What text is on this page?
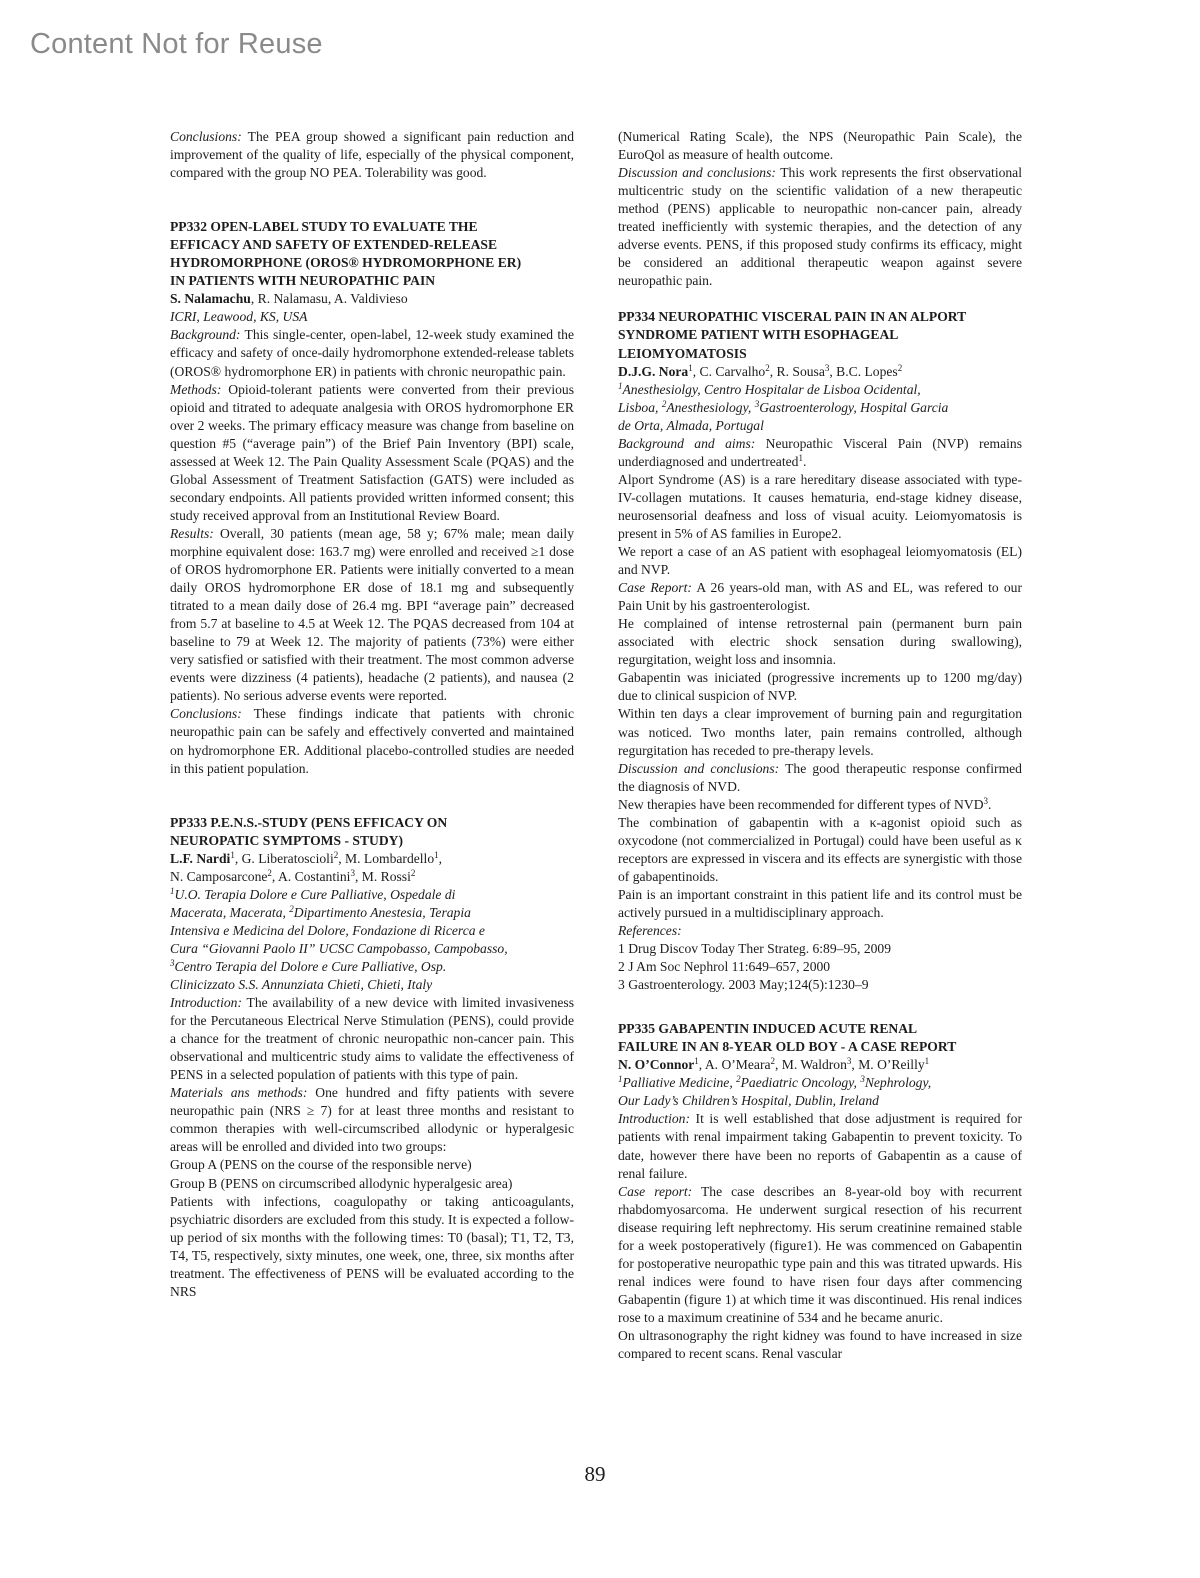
Content Not for Reuse

Conclusions: The PEA group showed a significant pain reduction and improvement of the quality of life, especially of the physical component, compared with the group NO PEA. Tolerability was good.

PP332 OPEN-LABEL STUDY TO EVALUATE THE
EFFICACY AND SAFETY OF EXTENDED-RELEASE
HYDROMORPHONE (OROS® HYDROMORPHONE ER)
IN PATIENTS WITH NEUROPATHIC PAIN

S. Nalamachu, R. Nalamasu, A. Valdivieso

ICRI, Leawood, KS, USA

Background: This single-center, open-label, 12-week study examined the efficacy and safety of once-daily hydromorphone extended-release tablets (OROS® hydromorphone ER) in patients with chronic neuropathic pain.

Methods: Opioid-tolerant patients were converted from their previous opioid and titrated to adequate analgesia with OROS hydromorphone ER over 2 weeks. The primary efficacy measure was change from baseline on question #5 (“average pain”) of the Brief Pain Inventory (BPI) scale, assessed at Week 12. The Pain Quality Assessment Scale (PQAS) and the Global Assessment of Treatment Satisfaction (GATS) were included as secondary endpoints. All patients provided written informed consent; this study received approval from an Institutional Review Board.

Results: Overall, 30 patients (mean age, 58 y; 67% male; mean daily morphine equivalent dose: 163.7 mg) were enrolled and received ≥1 dose of OROS hydromorphone ER. Patients were initially converted to a mean daily OROS hydromorphone ER dose of 18.1 mg and subsequently titrated to a mean daily dose of 26.4 mg. BPI “average pain” decreased from 5.7 at baseline to 4.5 at Week 12. The PQAS decreased from 104 at baseline to 79 at Week 12. The majority of patients (73%) were either very satisfied or satisfied with their treatment. The most common adverse events were dizziness (4 patients), headache (2 patients), and nausea (2 patients). No serious adverse events were reported.

Conclusions: These findings indicate that patients with chronic neuropathic pain can be safely and effectively converted and maintained on hydromorphone ER. Additional placebo-controlled studies are needed in this patient population.

PP333 P.E.N.S.-STUDY (PENS EFFICACY ON
NEUROPATIC SYMPTOMS - STUDY)

L.F. Nardi$^1$, G. Liberatoscioli$^2$, M. Lombardello$^1$,
N. Camposarcone$^2$, A. Costantini$^3$, M. Rossi$^2$

$^1$U.O. Terapia Dolore e Cure Palliative, Ospedale di
Macerata, Macerata, $^2$Dipartimento Anestesia, Terapia
Intensiva e Medicina del Dolore, Fondazione di Ricerca e
Cura “Giovanni Paolo II” UCSC Campobasso, Campobasso,
$^3$Centro Terapia del Dolore e Cure Palliative, Osp.
Clinicizzato S.S. Annunziata Chieti, Chieti, Italy

Introduction: The availability of a new device with limited invasiveness for the Percutaneous Electrical Nerve Stimulation (PENS), could provide a chance for the treatment of chronic neuropathic non-cancer pain. This observational and multicentric study aims to validate the effectiveness of PENS in a selected population of patients with this type of pain.

Materials ans methods: One hundred and fifty patients with severe neuropathic pain (NRS ≥ 7) for at least three months and resistant to common therapies with well-circumscribed allodynic or hyperalgesic areas will be enrolled and divided into two groups:

Group A (PENS on the course of the responsible nerve)

Group B (PENS on circumscribed allodynic hyperalgesic area)

Patients with infections, coagulopathy or taking anticoagulants, psychiatric disorders are excluded from this study. It is expected a follow-up period of six months with the following times: T0 (basal); T1, T2, T3, T4, T5, respectively, sixty minutes, one week, one, three, six months after treatment. The effectiveness of PENS will be evaluated according to the NRS

(Numerical Rating Scale), the NPS (Neuropathic Pain Scale), the EuroQol as measure of health outcome.

Discussion and conclusions: This work represents the first observational multicentric study on the scientific validation of a new therapeutic method (PENS) applicable to neuropathic non-cancer pain, already treated inefficiently with systemic therapies, and the detection of any adverse events. PENS, if this proposed study confirms its efficacy, might be considered an additional therapeutic weapon against severe neuropathic pain.

PP334 NEUROPATHIC VISCERAL PAIN IN AN ALPORT
SYNDROME PATIENT WITH ESOPHAGEAL
LEIOMYOMATOSIS

D.J.G. Nora$^1$, C. Carvalho$^2$, R. Sousa$^3$, B.C. Lopes$^2$

$^1$Anesthesiolgy, Centro Hospitalar de Lisboa Ocidental,
Lisboa, $^2$Anesthesiology, $^3$Gastroenterology, Hospital Garcia
de Orta, Almada, Portugal

Background and aims: Neuropathic Visceral Pain (NVP) remains underdiagnosed and undertreated$^1$.

Alport Syndrome (AS) is a rare hereditary disease associated with type-IV-collagen mutations. It causes hematuria, end-stage kidney disease, neurosensorial deafness and loss of visual acuity. Leiomyomatosis is present in 5% of AS families in Europe2.

We report a case of an AS patient with esophageal leiomyomatosis (EL) and NVP.

Case Report: A 26 years-old man, with AS and EL, was refered to our Pain Unit by his gastroenterologist.

He complained of intense retrosternal pain (permanent burn pain associated with electric shock sensation during swallowing), regurgitation, weight loss and insomnia.

Gabapentin was iniciated (progressive increments up to 1200 mg/day) due to clinical suspicion of NVP.

Within ten days a clear improvement of burning pain and regurgitation was noticed. Two months later, pain remains controlled, although regurgitation has receded to pre-therapy levels.

Discussion and conclusions: The good therapeutic response confirmed the diagnosis of NVD.

New therapies have been recommended for different types of NVD$^3$.

The combination of gabapentin with a κ-agonist opioid such as oxycodone (not commercialized in Portugal) could have been useful as κ receptors are expressed in viscera and its effects are synergistic with those of gabapentinoids.

Pain is an important constraint in this patient life and its control must be actively pursued in a multidisciplinary approach.

References:

1 Drug Discov Today Ther Strateg. 6:89–95, 2009

2 J Am Soc Nephrol 11:649–657, 2000

3 Gastroenterology. 2003 May;124(5):1230–9

PP335 GABAPENTIN INDUCED ACUTE RENAL
FAILURE IN AN 8-YEAR OLD BOY - A CASE REPORT

N. O’Connor$^1$, A. O’Meara$^2$, M. Waldron$^3$, M. O’Reilly$^1$

$^1$Palliative Medicine, $^2$Paediatric Oncology, $^3$Nephrology,
Our Lady’s Children’s Hospital, Dublin, Ireland

Introduction: It is well established that dose adjustment is required for patients with renal impairment taking Gabapentin to prevent toxicity. To date, however there have been no reports of Gabapentin as a cause of renal failure.

Case report: The case describes an 8-year-old boy with recurrent rhabdomyosarcoma. He underwent surgical resection of his recurrent disease requiring left nephrectomy. His serum creatinine remained stable for a week postoperatively (figure1). He was commenced on Gabapentin for postoperative neuropathic type pain and this was titrated upwards. His renal indices were found to have risen four days after commencing Gabapentin (figure 1) at which time it was discontinued. His renal indices rose to a maximum creatinine of 534 and he became anuric.

On ultrasonography the right kidney was found to have increased in size compared to recent scans. Renal vascular

89
